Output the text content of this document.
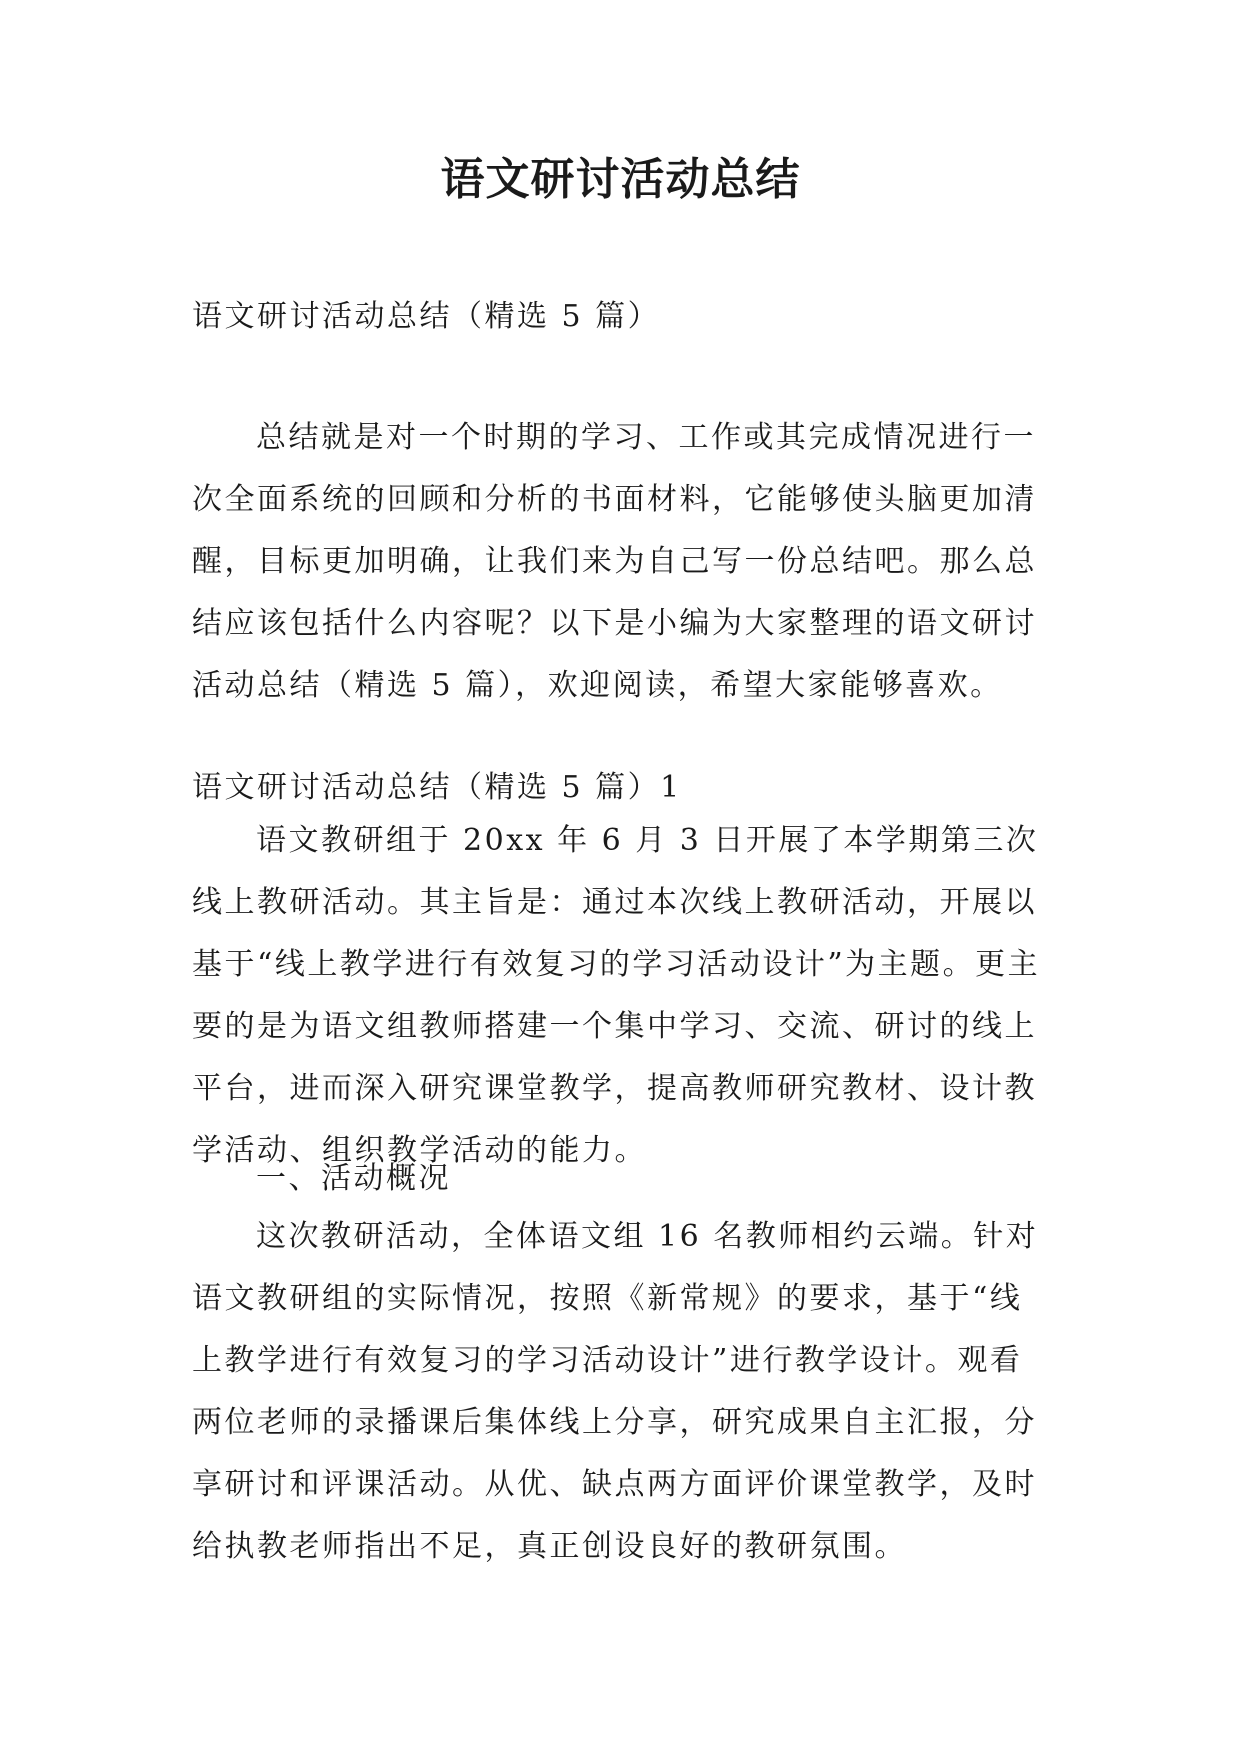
语文研讨活动总结

语文研讨活动总结（精选 5 篇）

总结就是对一个时期的学习、工作或其完成情况进行一次全面系统的回顾和分析的书面材料，它能够使头脑更加清醒，目标更加明确，让我们来为自己写一份总结吧。那么总结应该包括什么内容呢？以下是小编为大家整理的语文研讨活动总结（精选 5 篇），欢迎阅读，希望大家能够喜欢。

语文研讨活动总结（精选 5 篇）1

语文教研组于 20xx 年 6 月 3 日开展了本学期第三次线上教研活动。其主旨是：通过本次线上教研活动，开展以基于“线上教学进行有效复习的学习活动设计”为主题。更主要的是为语文组教师搭建一个集中学习、交流、研讨的线上平台，进而深入研究课堂教学，提高教师研究教材、设计教学活动、组织教学活动的能力。

一、活动概况

这次教研活动，全体语文组 16 名教师相约云端。针对语文教研组的实际情况，按照《新常规》的要求，基于“线上教学进行有效复习的学习活动设计”进行教学设计。观看两位老师的录播课后集体线上分享，研究成果自主汇报，分享研讨和评课活动。从优、缺点两方面评价课堂教学，及时给执教老师指出不足，真正创设良好的教研氛围。
